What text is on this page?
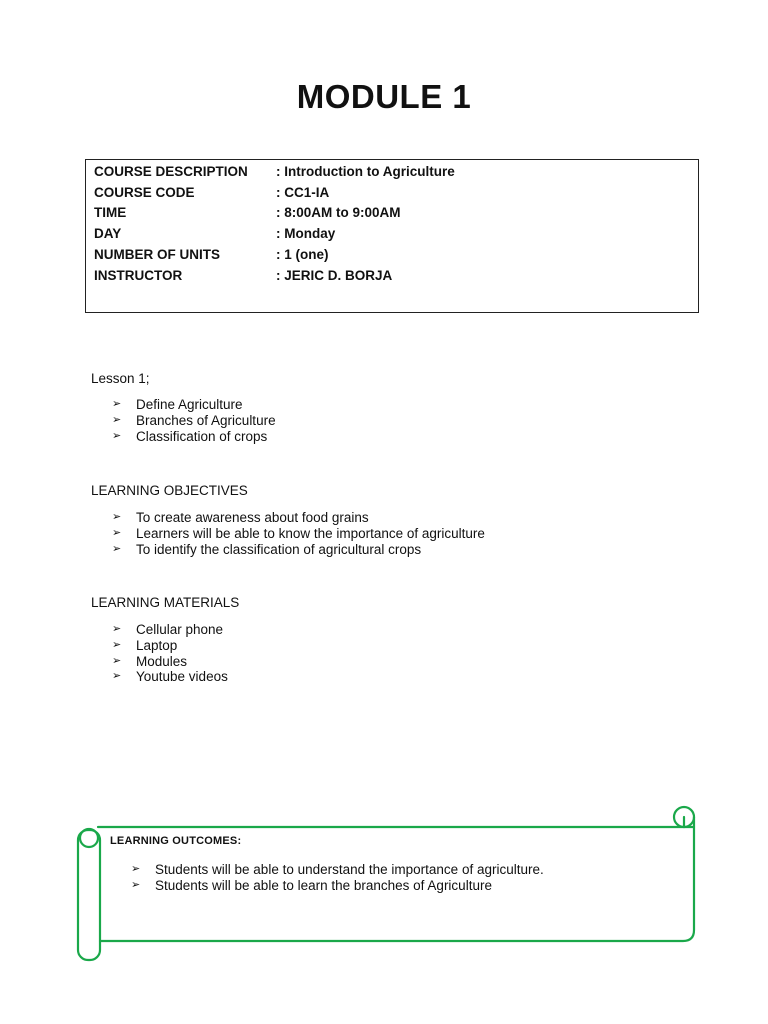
MODULE 1
COURSE DESCRIPTION : Introduction to Agriculture
COURSE CODE	: CC1-IA
TIME	: 8:00AM to 9:00AM
DAY	: Monday
NUMBER OF UNITS	: 1 (one)
INSTRUCTOR	: JERIC D. BORJA
Lesson 1;
➢ Define Agriculture
➢ Branches of Agriculture
➢ Classification of crops
LEARNING OBJECTIVES
➢ To create awareness about food grains
➢ Learners will be able to know the importance of agriculture
➢ To identify the classification of agricultural crops
LEARNING MATERIALS
➢ Cellular phone
➢ Laptop
➢ Modules
➢ Youtube videos
LEARNING OUTCOMES:
➢ Students will be able to understand the importance of agriculture.
➢ Students will be able to learn the branches of Agriculture
